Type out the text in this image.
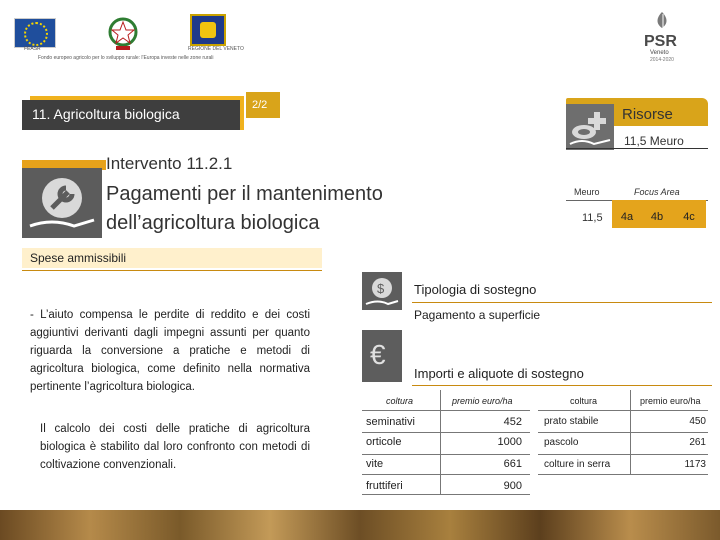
FEASR	REGIONE DEL VENETO
Fondo europeo agricolo per lo sviluppo rurale: l'Europa investe nelle zone rurali
PSR
Veneto
2014-2020
11. Agricoltura biologica
2/2
Risorse
11,5 Meuro
Intervento 11.2.1
Pagamenti per il mantenimento
dell’agricoltura biologica
Meuro	Focus Area
11,5	4a	4b	4c
Spese ammissibili
- L’aiuto compensa le perdite di reddito e dei costi aggiuntivi derivanti dagli impegni assunti per quanto riguarda la conversione a pratiche e metodi di agricoltura biologica, come definito nella normativa pertinente l’agricoltura biologica.
Il calcolo dei costi delle pratiche di agricoltura biologica è stabilito dal loro confronto con metodi di coltivazione convenzionali.
$ Tipologia di sostegno
Pagamento a superficie
€
Importi e aliquote di sostegno
coltura	premio euro/ha
seminativi	452
orticole	1000
vite	661
fruttiferi	900
coltura	premio euro/ha
prato stabile	450
pascolo	261
colture in serra	1173
